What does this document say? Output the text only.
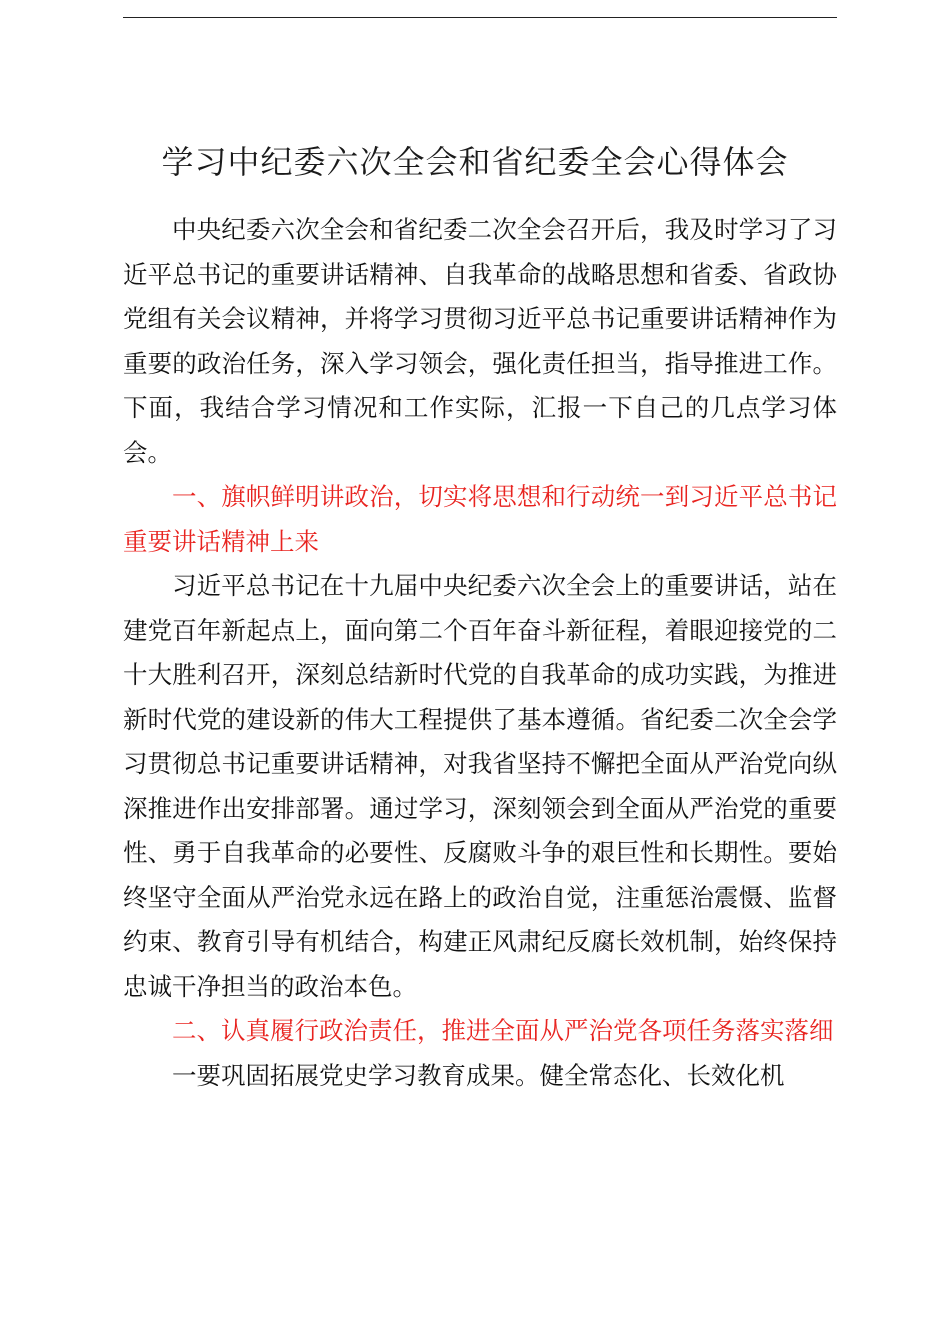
学习中纪委六次全会和省纪委全会心得体会

中央纪委六次全会和省纪委二次全会召开后，我及时学习了习近平总书记的重要讲话精神、自我革命的战略思想和省委、省政协党组有关会议精神，并将学习贯彻习近平总书记重要讲话精神作为重要的政治任务，深入学习领会，强化责任担当，指导推进工作。下面，我结合学习情况和工作实际，汇报一下自己的几点学习体会。

一、旗帜鲜明讲政治，切实将思想和行动统一到习近平总书记重要讲话精神上来

习近平总书记在十九届中央纪委六次全会上的重要讲话，站在建党百年新起点上，面向第二个百年奋斗新征程，着眼迎接党的二十大胜利召开，深刻总结新时代党的自我革命的成功实践，为推进新时代党的建设新的伟大工程提供了基本遵循。省纪委二次全会学习贯彻总书记重要讲话精神，对我省坚持不懈把全面从严治党向纵深推进作出安排部署。通过学习，深刻领会到全面从严治党的重要性、勇于自我革命的必要性、反腐败斗争的艰巨性和长期性。要始终坚守全面从严治党永远在路上的政治自觉，注重惩治震慑、监督约束、教育引导有机结合，构建正风肃纪反腐长效机制，始终保持忠诚干净担当的政治本色。

二、认真履行政治责任，推进全面从严治党各项任务落实落细

一要巩固拓展党史学习教育成果。健全常态化、长效化机
